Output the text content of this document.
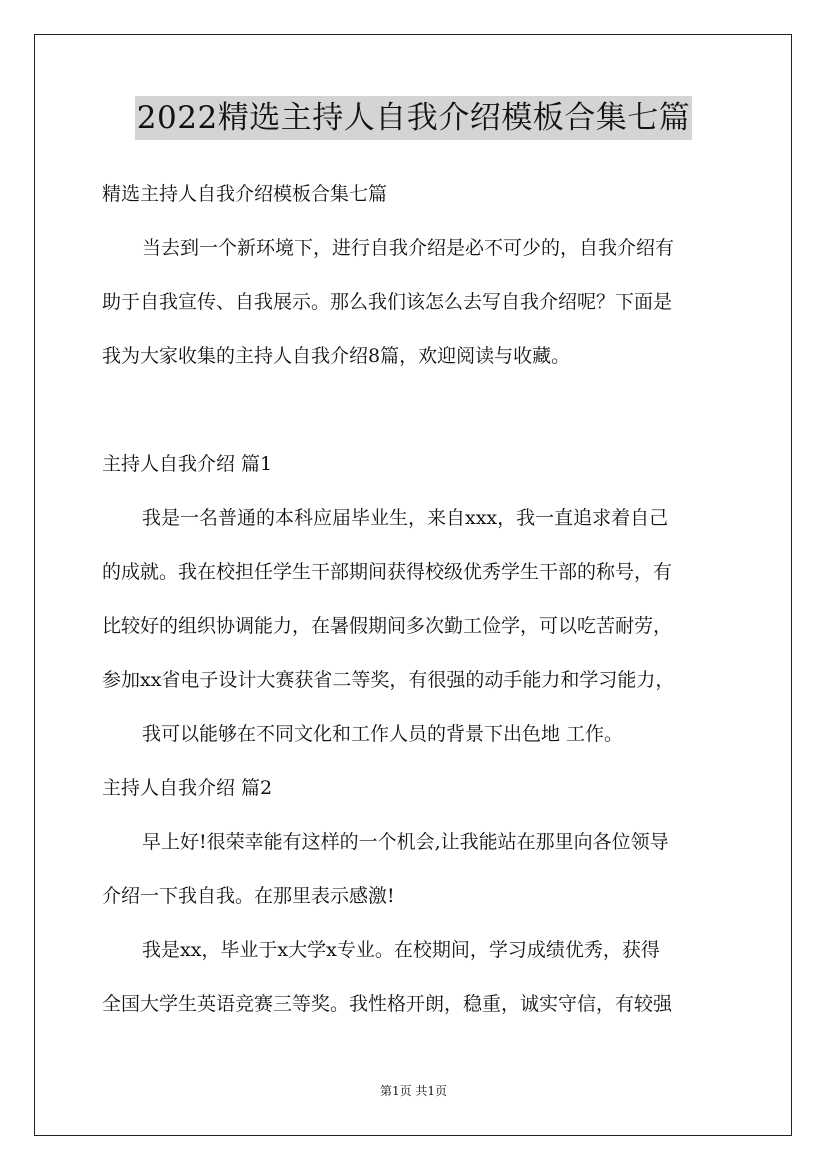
2022精选主持人自我介绍模板合集七篇
精选主持人自我介绍模板合集七篇
当去到一个新环境下，进行自我介绍是必不可少的，自我介绍有
助于自我宣传、自我展示。那么我们该怎么去写自我介绍呢？下面是
我为大家收集的主持人自我介绍8篇，欢迎阅读与收藏。
主持人自我介绍 篇1
我是一名普通的本科应届毕业生，来自xxx，我一直追求着自己
的成就。我在校担任学生干部期间获得校级优秀学生干部的称号，有
比较好的组织协调能力，在暑假期间多次勤工俭学，可以吃苦耐劳，
参加xx省电子设计大赛获省二等奖，有很强的动手能力和学习能力，
我可以能够在不同文化和工作人员的背景下出色地 工作。
主持人自我介绍 篇2
早上好!很荣幸能有这样的一个机会,让我能站在那里向各位领导
介绍一下我自我。在那里表示感激!
我是xx，毕业于x大学x专业。在校期间，学习成绩优秀，获得
全国大学生英语竞赛三等奖。我性格开朗，稳重，诚实守信，有较强
第1页 共1页
